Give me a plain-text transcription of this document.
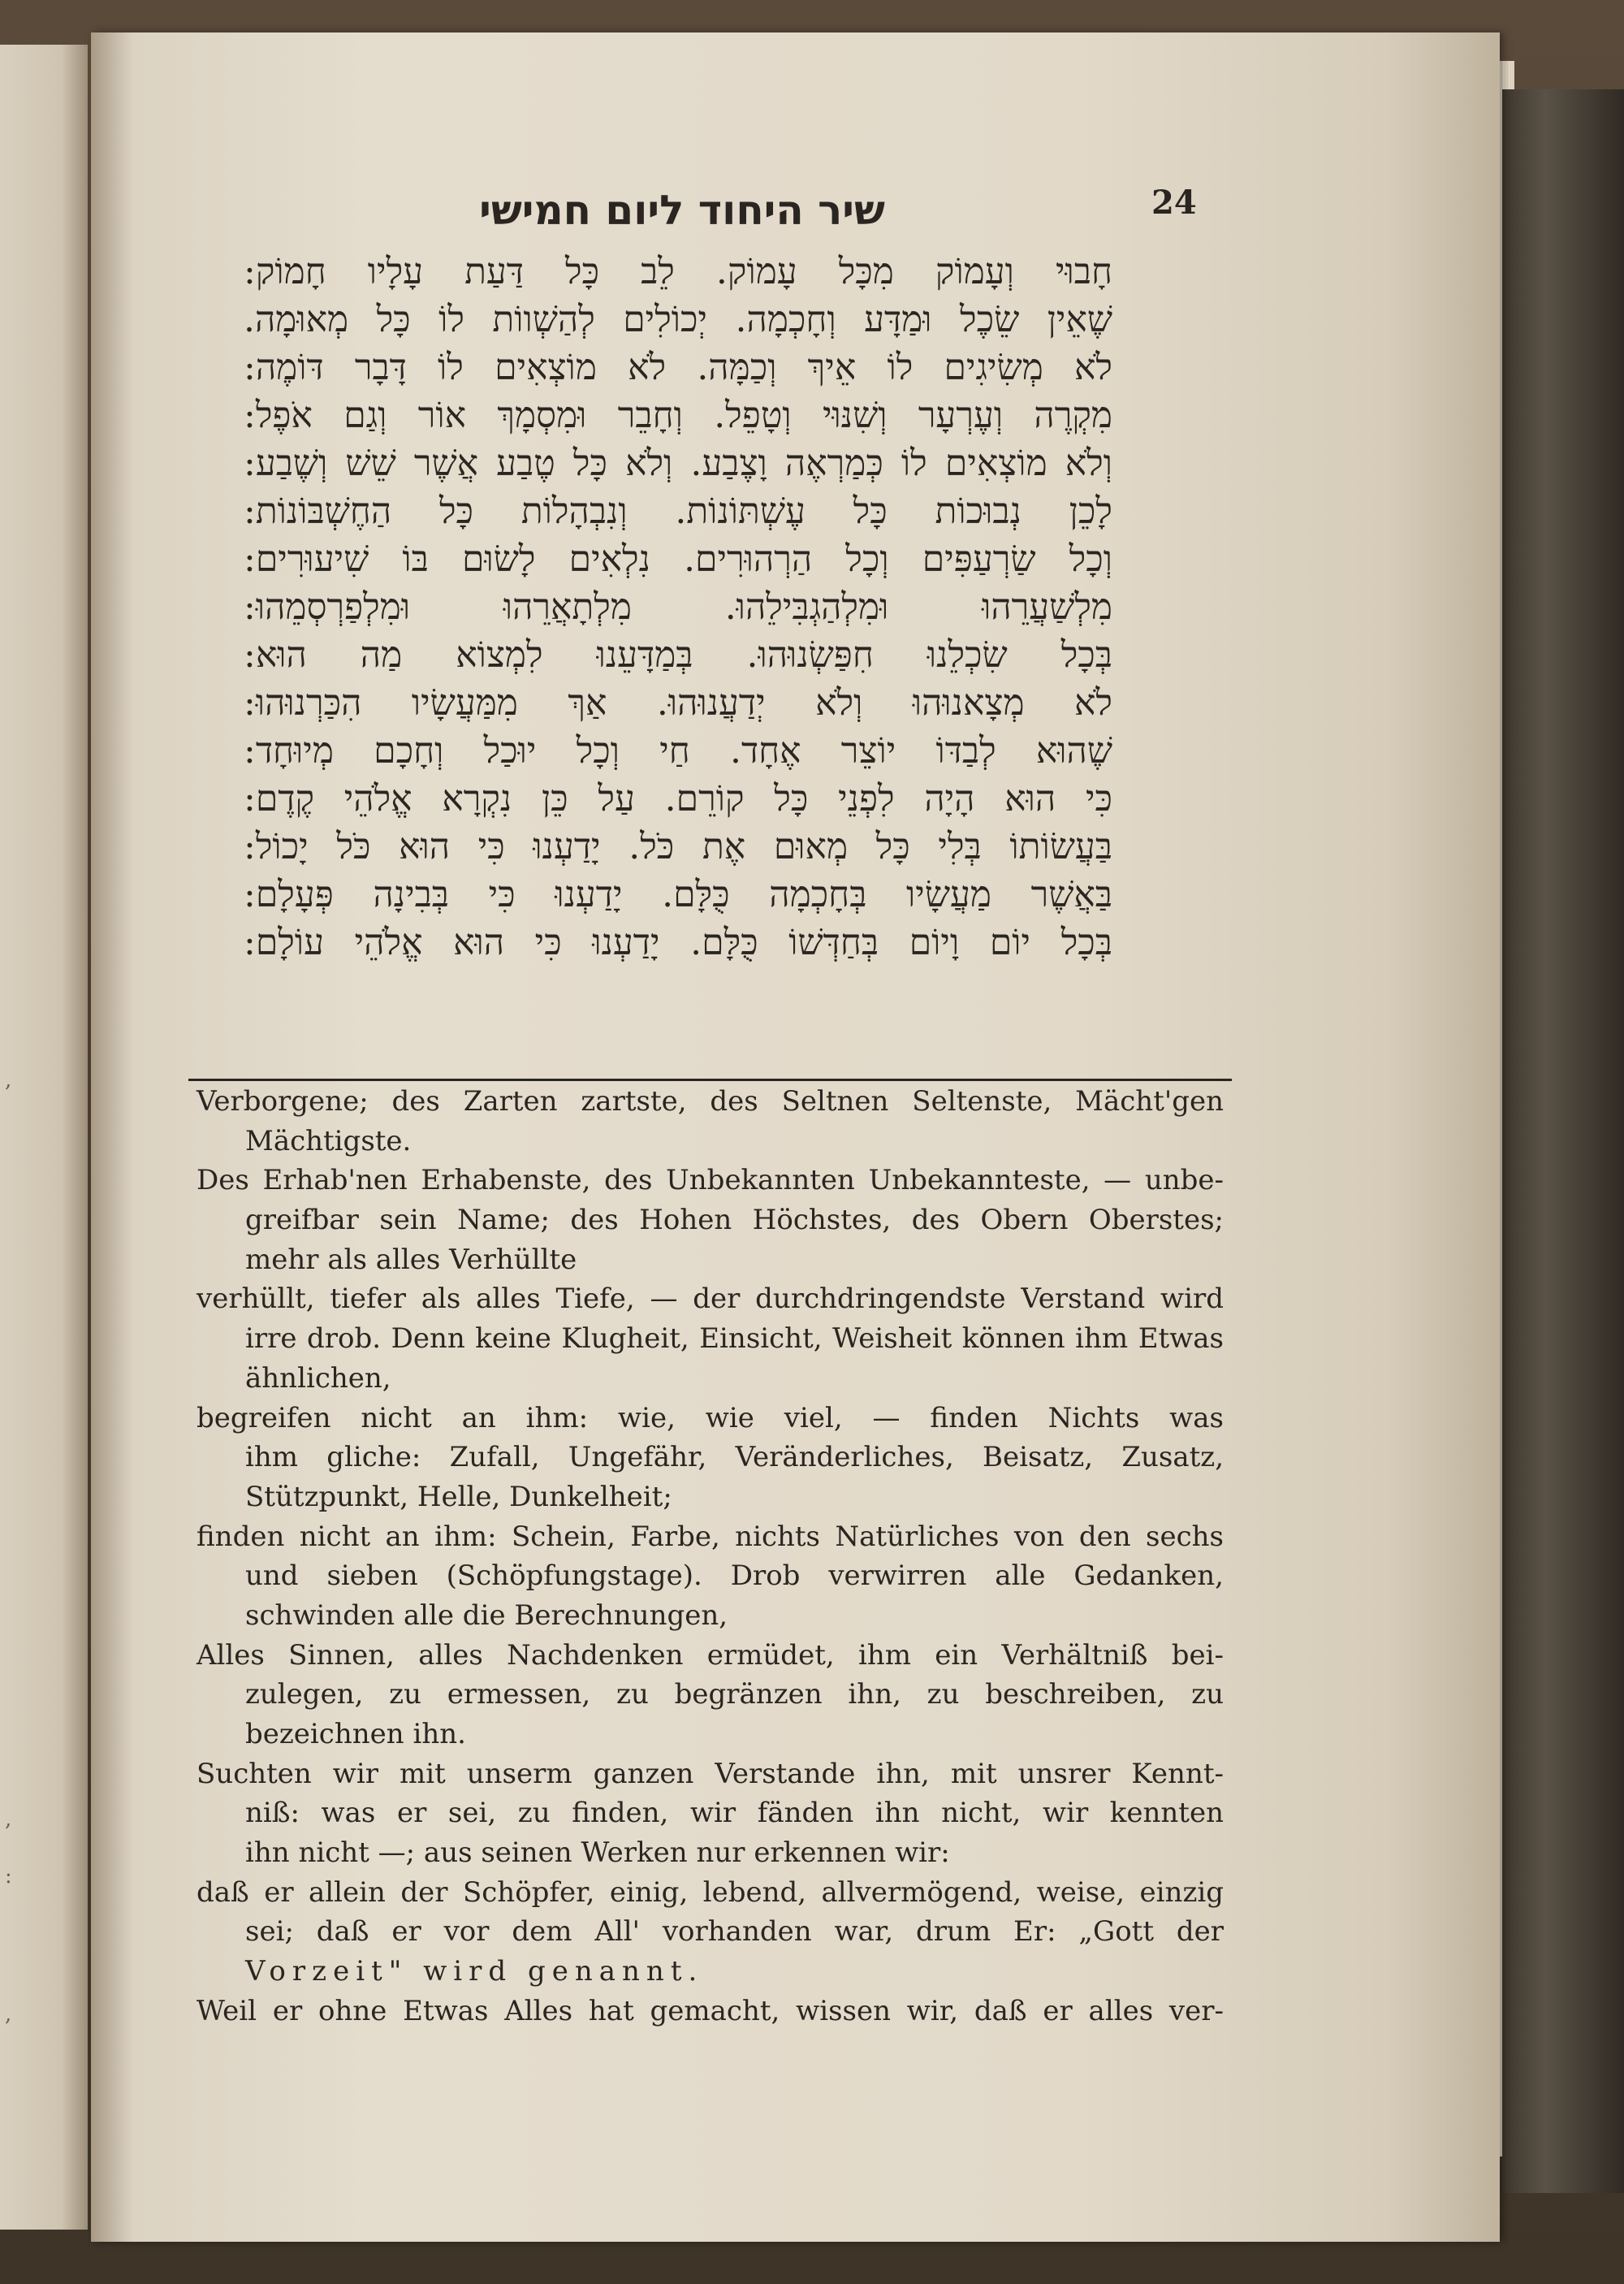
,
,
:
,
24
שיר היחוד ליום חמישי
חָבוּי וְעָמוֹק מִכָּל עָמוֹק. לֵב כָּל דַּעַת עָלָיו חָמוֹק:
שֶׁאֵין שֵׂכֶל וּמַדָּע וְחָכְמָה. יְכוֹלִים לְהַשְׁווֹת לוֹ כָּל מְאוּמָה.
לֹא מְשִׂיגִים לוֹ אֵיךְ וְכַמָּה. לֹא מוֹצְאִים לוֹ דָּבָר דּוֹמֶה:
מִקְרֶה וְעֶרְעָר וְשִׁנּוּי וְטָפֵל. וְחָבֵר וּמִסְמָךְ אוֹר וְגַם אֹפֶל:
וְלֹא מוֹצְאִים לוֹ כְּמַרְאֶה וָצֶבַע. וְלֹא כָּל טֶבַע אֲשֶׁר שֵׁשׁ וְשֶׁבַע:
לָכֵן נְבוּכוֹת כָּל עֶשְׁתּוֹנוֹת. וְנִבְהָלוֹת כָּל הַחֶשְׁבּוֹנוֹת:
וְכָל שַׂרְעַפִּים וְכָל הַרְהוּרִים. נִלְאִים לָשׂוּם בּוֹ שִׁיעוּרִים:
מִלְשַׁעֲרֵהוּ וּמִלְהַגְבִּילֵהוּ. מִלְתָאֲרֵהוּ וּמִלְפַרְסְמֵהוּ:
בְּכָל שִׂכְלֵנוּ חִפַּשְׂנוּהוּ. בְּמַדָּעֵנוּ לִמְצוֹא מַה הוּא:
לֹא מְצָאנוּהוּ וְלֹא יְדַעֲנוּהוּ. אַךְ מִמַּעֲשָׂיו הִכַּרְנוּהוּ:
שֶׁהוּא לְבַדּוֹ יוֹצֵר אֶחָד. חַי וְכָל יוּכַל וְחָכָם מְיוּחָד:
כִּי הוּא הָיָה לִפְנֵי כָּל קוֹרֵם. עַל כֵּן נִקְרָא אֱלֹהֵי קֶדֶם:
בַּעֲשׂוֹתוֹ בְּלִי כָּל מְאוּם אֶת כֹּל. יָדַעְנוּ כִּי הוּא כֹּל יָכוֹל:
בַּאֲשֶׁר מַעֲשָׂיו בְּחָכְמָה כֻּלָּם. יָדַעְנוּ כִּי בְּבִינָה פְּעָלָם:
בְּכָל יוֹם וָיוֹם בְּחַדְּשׁוֹ כֻּלָּם. יָדַעְנוּ כִּי הוּא אֱלֹהֵי עוֹלָם:
Verborgene; des Zarten zartste, des Seltnen Seltenste, Mächt'gen
Mächtigste.
Des Erhab'nen Erhabenste, des Unbekannten Unbekannteste, — unbe-
greifbar sein Name; des Hohen Höchstes, des Obern Oberstes;
mehr als alles Verhüllte
verhüllt, tiefer als alles Tiefe, — der durchdringendste Verstand wird
irre drob. Denn keine Klugheit, Einsicht, Weisheit können ihm Etwas
ähnlichen,
begreifen nicht an ihm: wie, wie viel, — finden Nichts was
ihm gliche: Zufall, Ungefähr, Veränderliches, Beisatz, Zusatz,
Stützpunkt, Helle, Dunkelheit;
finden nicht an ihm: Schein, Farbe, nichts Natürliches von den sechs
und sieben (Schöpfungstage). Drob verwirren alle Gedanken,
schwinden alle die Berechnungen,
Alles Sinnen, alles Nachdenken ermüdet, ihm ein Verhältniß bei-
zulegen, zu ermessen, zu begränzen ihn, zu beschreiben, zu
bezeichnen ihn.
Suchten wir mit unserm ganzen Verstande ihn, mit unsrer Kennt-
niß: was er sei, zu finden, wir fänden ihn nicht, wir kennten
ihn nicht —; aus seinen Werken nur erkennen wir:
daß er allein der Schöpfer, einig, lebend, allvermögend, weise, einzig
sei; daß er vor dem All' vorhanden war, drum Er: „Gott der
Vorzeit" wird genannt.
Weil er ohne Etwas Alles hat gemacht, wissen wir, daß er alles ver-
